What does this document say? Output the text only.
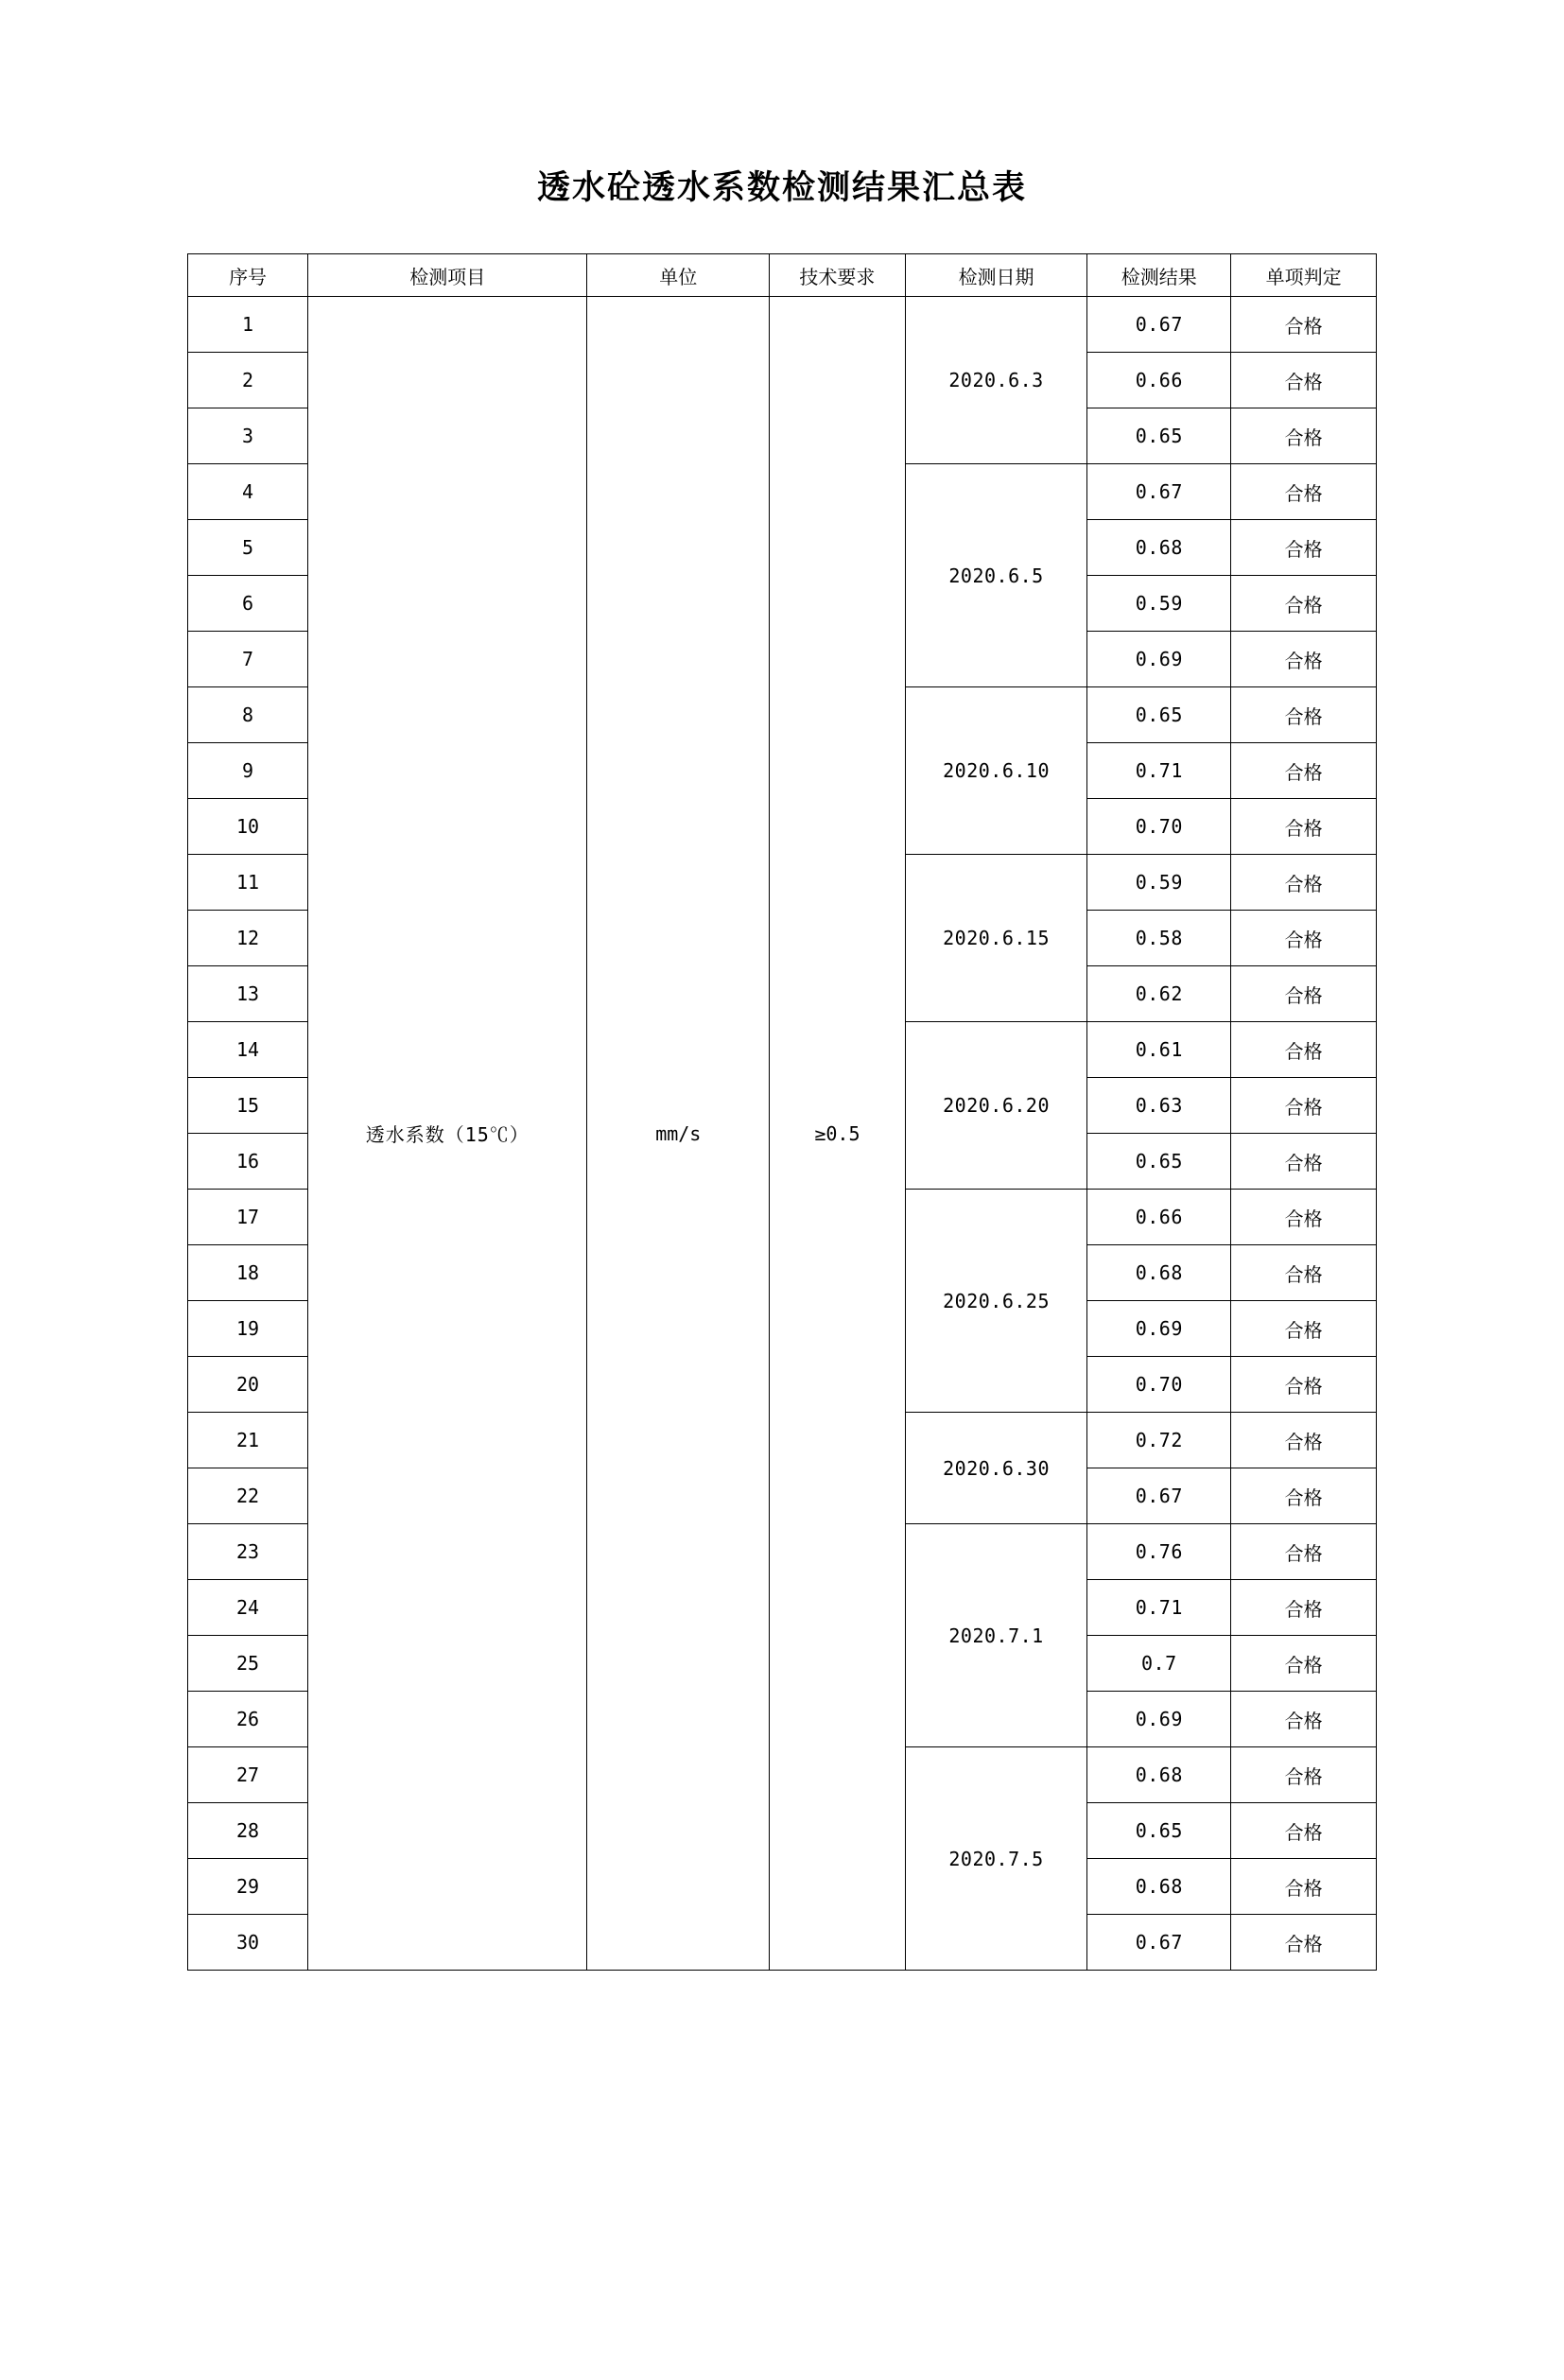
透水砼透水系数检测结果汇总表
序号	检测项目	单位	技术要求	检测日期	检测结果	单项判定
1	透水系数（15℃）	mm/s	≥0.5	2020.6.3	0.67	合格
2					0.66	合格
3					0.65	合格
4				2020.6.5	0.67	合格
5					0.68	合格
6					0.59	合格
7					0.69	合格
8				2020.6.10	0.65	合格
9					0.71	合格
10					0.70	合格
11				2020.6.15	0.59	合格
12					0.58	合格
13					0.62	合格
14				2020.6.20	0.61	合格
15					0.63	合格
16					0.65	合格
17				2020.6.25	0.66	合格
18					0.68	合格
19					0.69	合格
20					0.70	合格
21				2020.6.30	0.72	合格
22					0.67	合格
23				2020.7.1	0.76	合格
24					0.71	合格
25					0.7	合格
26					0.69	合格
27				2020.7.5	0.68	合格
28					0.65	合格
29					0.68	合格
30					0.67	合格
